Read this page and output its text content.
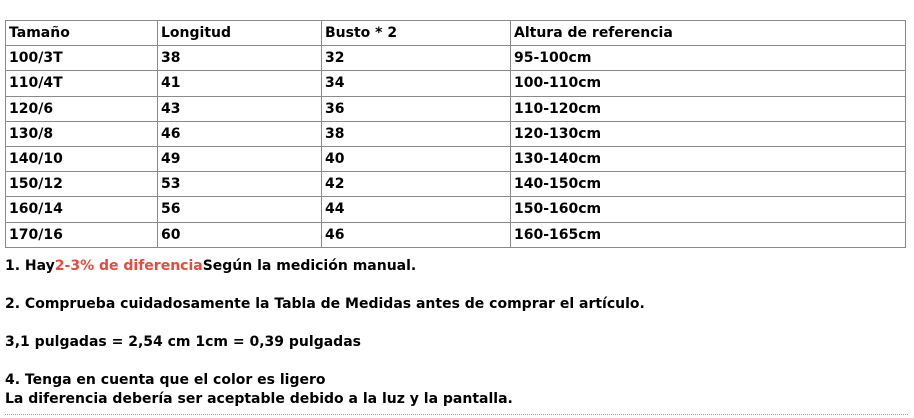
Tamaño	Longitud	Busto * 2	Altura de referencia
100/3T	38	32	95-100cm
110/4T	41	34	100-110cm
120/6	43	36	110-120cm
130/8	46	38	120-130cm
140/10	49	40	130-140cm
150/12	53	42	140-150cm
160/14	56	44	150-160cm
170/16	60	46	160-165cm

1. Hay2-3% de diferenciaSegún la medición manual.

2. Comprueba cuidadosamente la Tabla de Medidas antes de comprar el artículo.

3,1 pulgadas = 2,54 cm 1cm = 0,39 pulgadas

4. Tenga en cuenta que el color es ligero

La diferencia debería ser aceptable debido a la luz y la pantalla.
